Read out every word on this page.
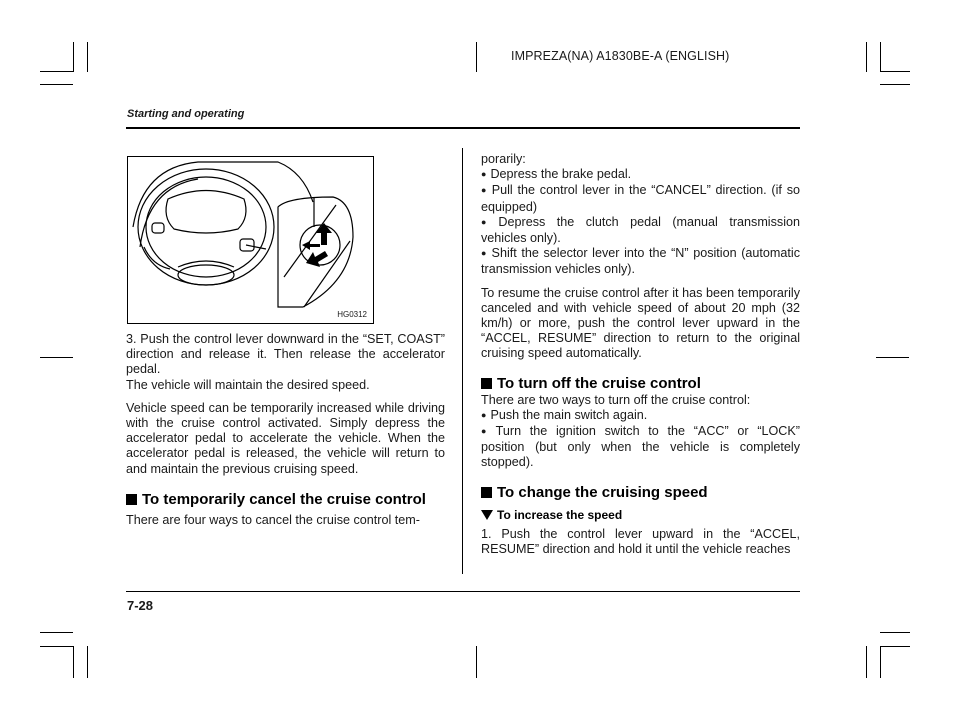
IMPREZA(NA) A1830BE-A (ENGLISH)
Starting and operating
HG0312

3. Push the control lever downward in the “SET, COAST” direction and release it. Then release the accelerator pedal.

The vehicle will maintain the desired speed.

Vehicle speed can be temporarily increased while driving with the cruise control activated. Simply depress the accelerator pedal to accelerate the vehicle. When the accelerator pedal is released, the vehicle will return to and maintain the previous cruising speed.

To temporarily cancel the cruise control

There are four ways to cancel the cruise control tem-

porarily:

● Depress the brake pedal.

● Pull the control lever in the “CANCEL” direction. (if so equipped)

● Depress the clutch pedal (manual transmission vehicles only).

● Shift the selector lever into the “N” position (automatic transmission vehicles only).

To resume the cruise control after it has been temporarily canceled and with vehicle speed of about 20 mph (32 km/h) or more, push the control lever upward in the “ACCEL, RESUME” direction to return to the original cruising speed automatically.

To turn off the cruise control

There are two ways to turn off the cruise control:

● Push the main switch again.

● Turn the ignition switch to the “ACC” or “LOCK” position (but only when the vehicle is completely stopped).

To change the cruising speed
To increase the speed

1. Push the control lever upward in the “ACCEL, RESUME” direction and hold it until the vehicle reaches

7-28
